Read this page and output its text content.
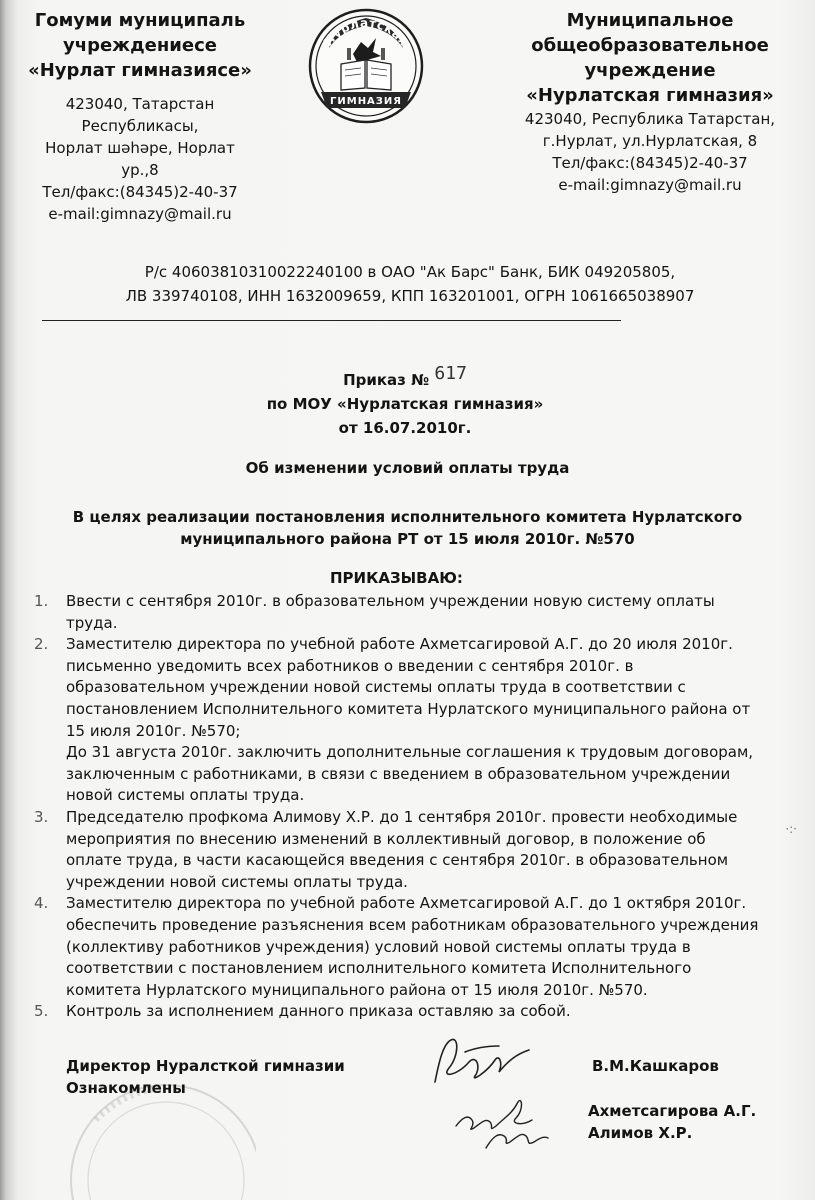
Гомуми муниципаль
учреждениесе
«Нурлат гимназиясе»
423040, Татарстан
Республикасы,
Норлат шәһәре, Норлат
ур.,8
Тел/факс:(84345)2-40-37
e-mail:gimnazy@mail.ru
Нурлатская
ГИМНАЗИЯ
Муниципальное
общеобразовательное
учреждение
«Нурлатская гимназия»
423040, Республика Татарстан,
г.Нурлат, ул.Нурлатская, 8
Тел/факс:(84345)2-40-37
e-mail:gimnazy@mail.ru
Р/с 40603810310022240100 в ОАО "Ак Барс" Банк, БИК 049205805,
ЛВ 339740108, ИНН 1632009659, КПП 163201001, ОГРН 1061665038907
Приказ № 617
по МОУ «Нурлатская гимназия»
от 16.07.2010г.
Об изменении условий оплаты труда
В целях реализации постановления исполнительного комитета Нурлатского
муниципального района РТ от 15 июля 2010г. №570
ПРИКАЗЫВАЮ:
1. Ввести с сентября 2010г. в образовательном учреждении новую систему оплаты
труда.
2. Заместителю директора по учебной работе Ахметсагировой А.Г. до 20 июля 2010г.
письменно уведомить всех работников о введении с сентября 2010г. в
образовательном учреждении новой системы оплаты труда в соответствии с
постановлением Исполнительного комитета Нурлатского муниципального района от
15 июля 2010г. №570;
До 31 августа 2010г. заключить дополнительные соглашения к трудовым договорам,
заключенным с работниками, в связи с введением в образовательном учреждении
новой системы оплаты труда.
3. Председателю профкома Алимову Х.Р. до 1 сентября 2010г. провести необходимые
мероприятия по внесению изменений в коллективный договор, в положение об
оплате труда, в части касающейся введения с сентября 2010г. в образовательном
учреждении новой системы оплаты труда.
4. Заместителю директора по учебной работе Ахметсагировой А.Г. до 1 октября 2010г.
обеспечить проведение разъяснения всем работникам образовательного учреждения
(коллективу работников учреждения) условий новой системы оплаты труда в
соответствии с постановлением исполнительного комитета Исполнительного
комитета Нурлатского муниципального района от 15 июля 2010г. №570.
5. Контроль за исполнением данного приказа оставляю за собой.
·:·
Директор Нуралсткой гимназии
Ознакомлены
В.М.Кашкаров
Ахметсагирова А.Г.
Алимов Х.Р.
